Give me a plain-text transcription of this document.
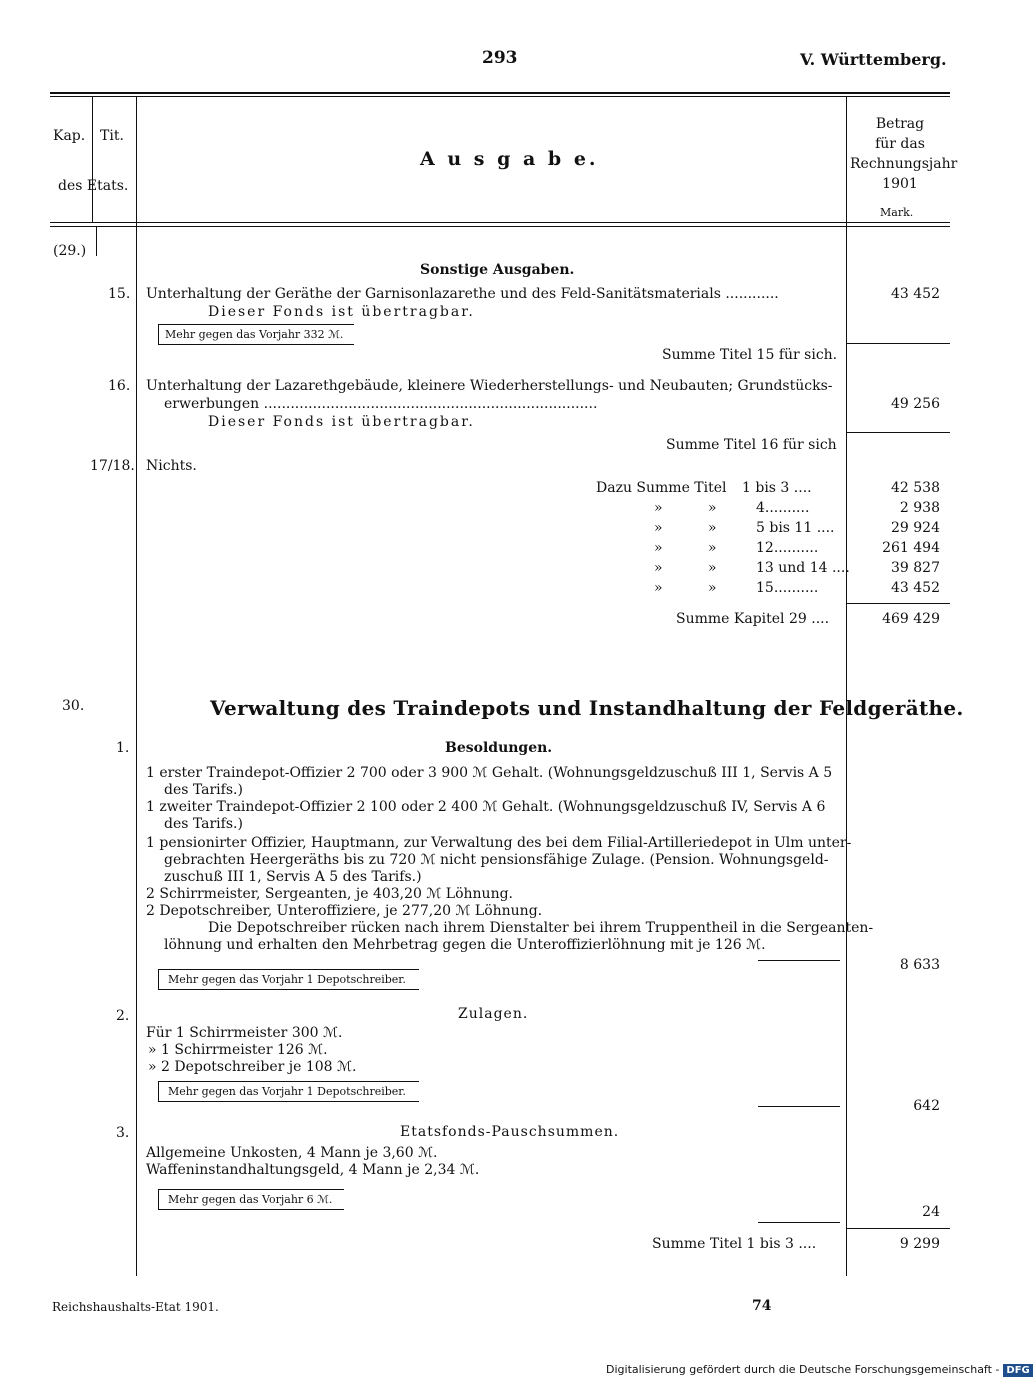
293	V. Württemberg.
Kap. Tit.
des Etats.
A u s g a b e.
Betrag
für das
Rechnungsjahr
1901
Mark.
(29.)
Sonstige Ausgaben.
15. Unterhaltung der Geräthe der Garnisonlazarethe und des Feld-Sanitätsmaterials ............	43 452
Dieser Fonds ist übertragbar.
Mehr gegen das Vorjahr 332 ℳ.
Summe Titel 15 für sich.
16. Unterhaltung der Lazarethgebäude, kleinere Wiederherstellungs- und Neubauten; Grundstücks-
erwerbungen ...........................................................................	49 256
Dieser Fonds ist übertragbar.
Summe Titel 16 für sich
17/18. Nichts.
Dazu Summe Titel 1 bis 3 ....	42 538
»	»	4..........	2 938
»	»	5 bis 11 ....	29 924
»	»	12..........	261 494
»	»	13 und 14 ....	39 827
»	»	15..........	43 452
Summe Kapitel 29 ....	469 429
30.	Verwaltung des Traindepots und Instandhaltung der Feldgeräthe.
1.	Besoldungen.
1 erster Traindepot-Offizier 2 700 oder 3 900 ℳ Gehalt. (Wohnungsgeldzuschuß III 1, Servis A 5
des Tarifs.)
1 zweiter Traindepot-Offizier 2 100 oder 2 400 ℳ Gehalt. (Wohnungsgeldzuschuß IV, Servis A 6
des Tarifs.)
1 pensionirter Offizier, Hauptmann, zur Verwaltung des bei dem Filial-Artilleriedepot in Ulm unter-
gebrachten Heergeräths bis zu 720 ℳ nicht pensionsfähige Zulage. (Pension. Wohnungsgeld-
zuschuß III 1, Servis A 5 des Tarifs.)
2 Schirrmeister, Sergeanten, je 403,20 ℳ Löhnung.
2 Depotschreiber, Unteroffiziere, je 277,20 ℳ Löhnung.
Die Depotschreiber rücken nach ihrem Dienstalter bei ihrem Truppentheil in die Sergeanten-
löhnung und erhalten den Mehrbetrag gegen die Unteroffizierlöhnung mit je 126 ℳ.
8 633
Mehr gegen das Vorjahr 1 Depotschreiber.
2.	Zulagen.
Für 1 Schirrmeister 300 ℳ.
» 1 Schirrmeister 126 ℳ.
» 2 Depotschreiber je 108 ℳ.
Mehr gegen das Vorjahr 1 Depotschreiber.
642
3.	Etatsfonds-Pauschsummen.
Allgemeine Unkosten, 4 Mann je 3,60 ℳ.
Waffeninstandhaltungsgeld, 4 Mann je 2,34 ℳ.
Mehr gegen das Vorjahr 6 ℳ.
24
Summe Titel 1 bis 3 ....	9 299
Reichshaushalts-Etat 1901.	74
Digitalisierung gefördert durch die Deutsche Forschungsgemeinschaft - DFG
